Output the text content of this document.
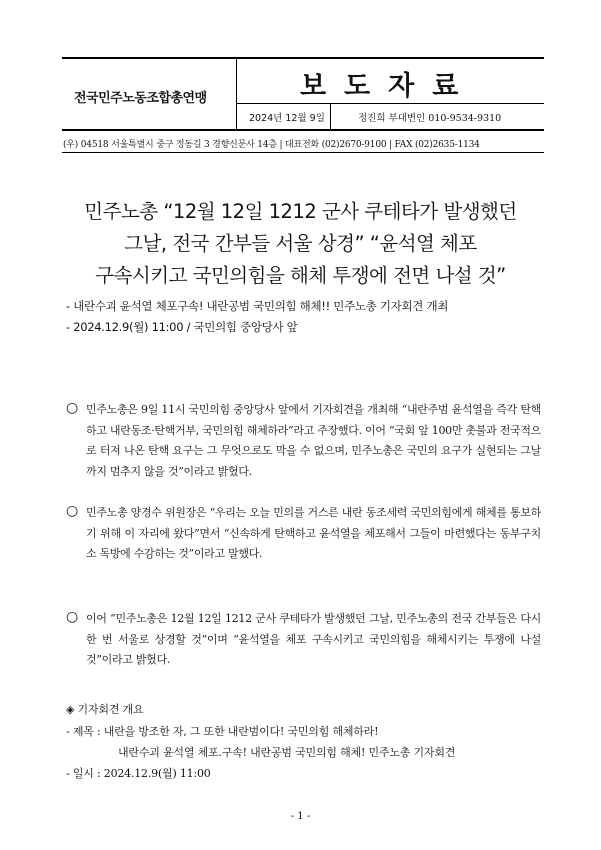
전국민주노동조합총연맹	보도자료
2024년 12월 9일	정진희 부대변인 010-9534-9310
(우) 04518 서울특별시 중구 정동길 3 경향신문사 14층 | 대표전화 (02)2670-9100 | FAX (02)2635-1134
민주노총 “12월 12일 1212 군사 쿠테타가 발생했던
그날, 전국 간부들 서울 상경” “윤석열 체포
구속시키고 국민의힘을 해체 투쟁에 전면 나설 것”
- 내란수괴 윤석열 체포구속! 내란공범 국민의힘 해체!! 민주노총 기자회견 개최
- 2024.12.9(월) 11:00 / 국민의힘 중앙당사 앞
○ 민주노총은 9일 11시 국민의힘 중앙당사 앞에서 기자회견을 개최해 “내란주범 윤석열을 즉각 탄핵하고 내란동조·탄핵거부, 국민의힘 해체하라”라고 주장했다. 이어 “국회 앞 100만 촛불과 전국적으로 터져 나온 탄핵 요구는 그 무엇으로도 막을 수 없으며, 민주노총은 국민의 요구가 실현되는 그날까지 멈추지 않을 것”이라고 밝혔다.
○ 민주노총 양경수 위원장은 “우리는 오늘 민의를 거스른 내란 동조세력 국민의힘에게 해체를 통보하기 위해 이 자리에 왔다”면서 “신속하게 탄핵하고 윤석열을 체포해서 그들이 마련했다는 동부구치소 독방에 수감하는 것”이라고 말했다.
○ 이어 “민주노총은 12월 12일 1212 군사 쿠테타가 발생했던 그날, 민주노총의 전국 간부들은 다시 한 번 서울로 상경할 것”이며 “윤석열을 체포 구속시키고 국민의힘을 해체시키는 투쟁에 나설 것”이라고 밝혔다.
◈ 기자회견 개요
- 제목 : 내란을 방조한 자, 그 또한 내란범이다! 국민의힘 해체하라!
내란수괴 윤석열 체포.구속! 내란공범 국민의힘 해체! 민주노총 기자회견
- 일시 : 2024.12.9(월) 11:00
- 1 -
